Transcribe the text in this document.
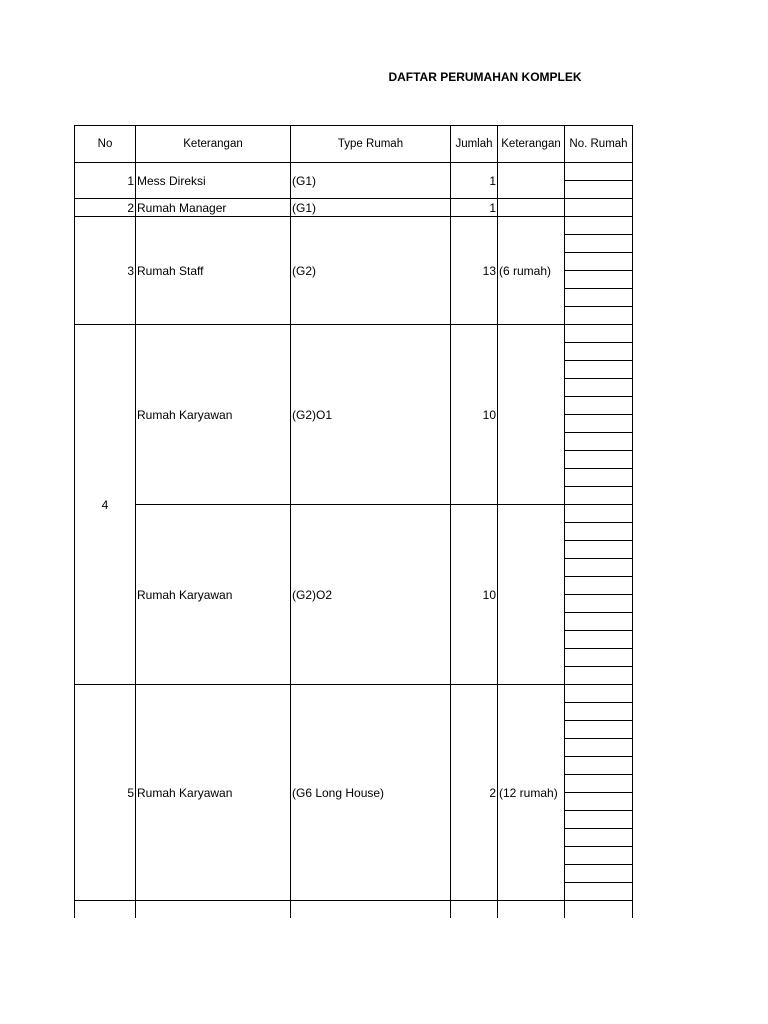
DAFTAR PERUMAHAN KOMPLEK
No	Keterangan	Type Rumah	Jumlah	Keterangan	No. Rumah
1	Mess Direksi	(G1)	1		

2	Rumah Manager	(G1)	1		
3	Rumah Staff	(G2)	13	(6 rumah)	

4	Rumah Karyawan	(G2)O1	10		

	Rumah Karyawan	(G2)O2	10		

5	Rumah Karyawan	(G6 Long House)	2	(12 rumah)	
